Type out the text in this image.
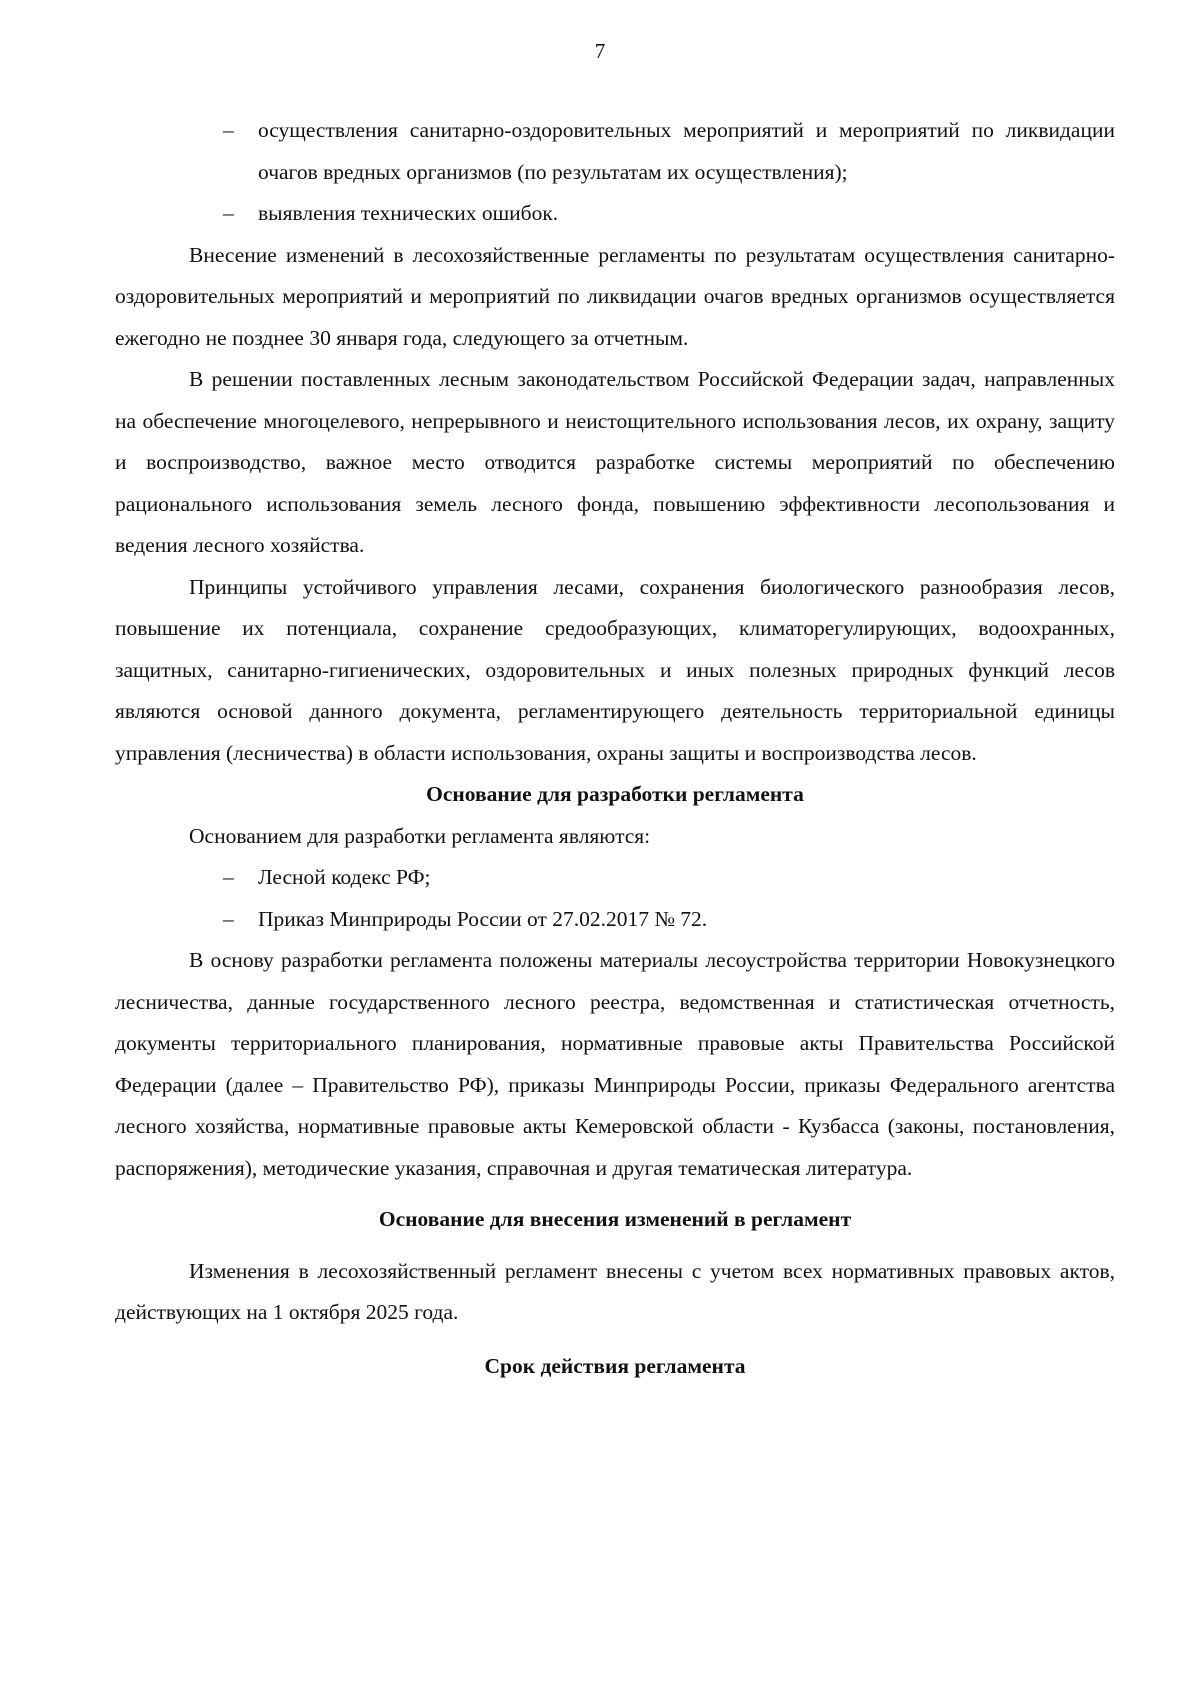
7
– осуществления санитарно-оздоровительных мероприятий и мероприятий по ликвидации очагов вредных организмов (по результатам их осуществления);
– выявления технических ошибок.

Внесение изменений в лесохозяйственные регламенты по результатам осуществления санитарно-оздоровительных мероприятий и мероприятий по ликвидации очагов вредных организмов осуществляется ежегодно не позднее 30 января года, следующего за отчетным.

В решении поставленных лесным законодательством Российской Федерации задач, направленных на обеспечение многоцелевого, непрерывного и неистощительного использования лесов, их охрану, защиту и воспроизводство, важное место отводится разработке системы мероприятий по обеспечению рационального использования земель лесного фонда, повышению эффективности лесопользования и ведения лесного хозяйства.

Принципы устойчивого управления лесами, сохранения биологического разнообразия лесов, повышение их потенциала, сохранение средообразующих, климаторегулирующих, водоохранных, защитных, санитарно-гигиенических, оздоровительных и иных полезных природных функций лесов являются основой данного документа, регламентирующего деятельность территориальной единицы управления (лесничества) в области использования, охраны защиты и воспроизводства лесов.

Основание для разработки регламента

Основанием для разработки регламента являются:

– Лесной кодекс РФ;
– Приказ Минприроды России от 27.02.2017 № 72.

В основу разработки регламента положены материалы лесоустройства территории Новокузнецкого лесничества, данные государственного лесного реестра, ведомственная и статистическая отчетность, документы территориального планирования, нормативные правовые акты Правительства Российской Федерации (далее – Правительство РФ), приказы Минприроды России, приказы Федерального агентства лесного хозяйства, нормативные правовые акты Кемеровской области - Кузбасса (законы, постановления, распоряжения), методические указания, справочная и другая тематическая литература.

Основание для внесения изменений в регламент

Изменения в лесохозяйственный регламент внесены с учетом всех нормативных правовых актов, действующих на 1 октября 2025 года.

Срок действия регламента
